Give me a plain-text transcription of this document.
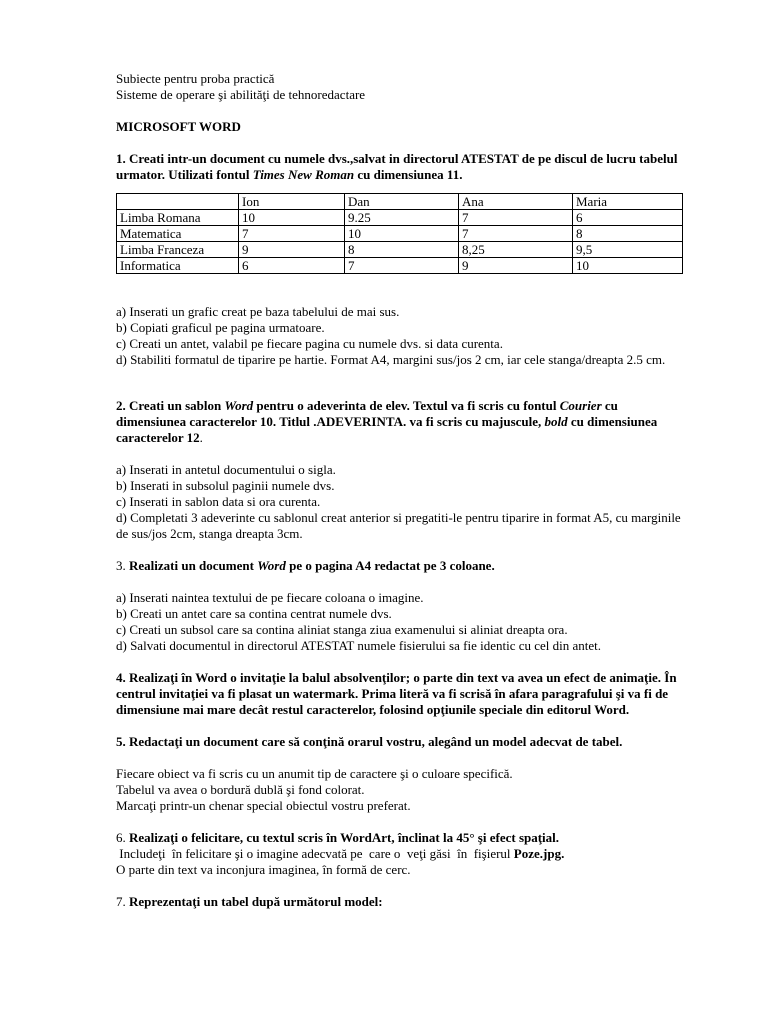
Subiecte pentru proba practică

Sisteme de operare şi abilităţi de tehnoredactare

MICROSOFT WORD

1. Creati intr-un document cu numele dvs.,salvat in directorul ATESTAT de pe discul de lucru tabelul urmator. Utilizati fontul Times New Roman cu dimensiunea 11.

	Ion	Dan	Ana	Maria
Limba Romana	10	9.25	7	6
Matematica	7	10	7	8
Limba Franceza	9	8	8,25	9,5
Informatica	6	7	9	10
a) Inserati un grafic creat pe baza tabelului de mai sus.
b) Copiati graficul pe pagina urmatoare.
c) Creati un antet, valabil pe fiecare pagina cu numele dvs. si data curenta.
d) Stabiliti formatul de tiparire pe hartie. Format A4, margini sus/jos 2 cm, iar cele stanga/dreapta 2.5 cm.

2. Creati un sablon Word pentru o adeverinta de elev. Textul va fi scris cu fontul Courier cu dimensiunea caracterelor 10. Titlul .ADEVERINTA. va fi scris cu majuscule, bold cu dimensiunea caracterelor 12.

a) Inserati in antetul documentului o sigla.
b) Inserati in subsolul paginii numele dvs.
c) Inserati in sablon data si ora curenta.
d) Completati 3 adeverinte cu sablonul creat anterior si pregatiti-le pentru tiparire in format A5, cu marginile
de sus/jos 2cm, stanga dreapta 3cm.

3. Realizati un document Word pe o pagina A4 redactat pe 3 coloane.

a) Inserati naintea textului de pe fiecare coloana o imagine.
b) Creati un antet care sa contina centrat numele dvs.
c) Creati un subsol care sa contina aliniat stanga ziua examenului si aliniat dreapta ora.
d) Salvati documentul in directorul ATESTAT numele fisierului sa fie identic cu cel din antet.

4. Realizaţi în Word o invitaţie la balul absolvenţilor; o parte din text va avea un efect de animaţie. În centrul invitaţiei va fi plasat un watermark. Prima literă va fi scrisă în afara paragrafului şi va fi de dimensiune mai mare decât restul caracterelor, folosind opţiunile speciale din editorul Word.

5. Redactaţi un document care să conţină orarul vostru, alegând un model adecvat de tabel.

Fiecare obiect va fi scris cu un anumit tip de caractere şi o culoare specifică.
Tabelul va avea o bordură dublă şi fond colorat.
Marcaţi printr-un chenar special obiectul vostru preferat.

6. Realizaţi o felicitare, cu textul scris în WordArt, înclinat la 45° şi efect spaţial.

Includeţi  în felicitare şi o imagine adecvată pe  care o  veţi găsi  în  fişierul Poze.jpg.

O parte din text va inconjura imaginea, în formă de cerc.

7. Reprezentaţi un tabel după următorul model:
